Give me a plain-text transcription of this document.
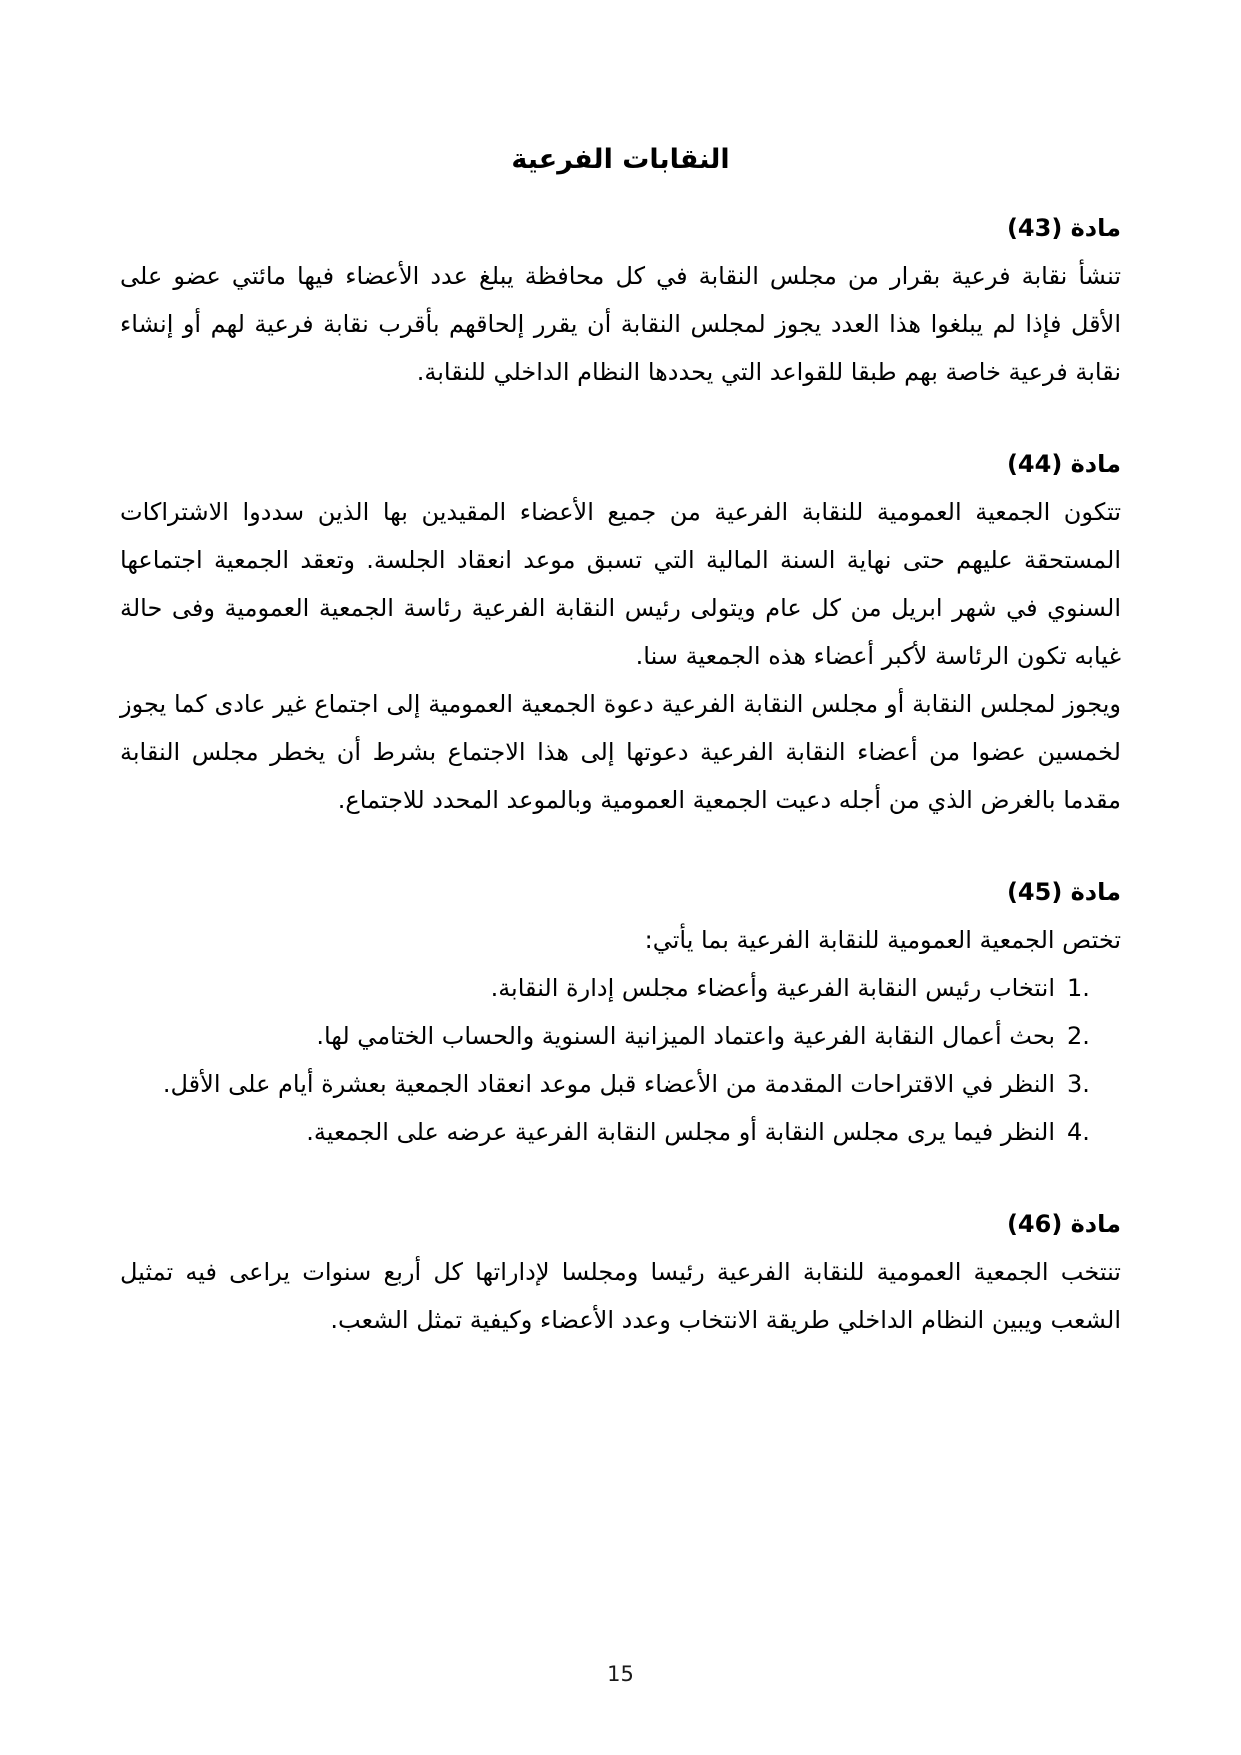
النقابات الفرعية
مادة (43)

تنشأ نقابة فرعية بقرار من مجلس النقابة في كل محافظة يبلغ عدد الأعضاء فيها مائتي عضو على الأقل فإذا لم يبلغوا هذا العدد يجوز لمجلس النقابة أن يقرر إلحاقهم بأقرب نقابة فرعية لهم أو إنشاء نقابة فرعية خاصة بهم طبقا للقواعد التي يحددها النظام الداخلي للنقابة.

مادة (44)

تتكون الجمعية العمومية للنقابة الفرعية من جميع الأعضاء المقيدين بها الذين سددوا الاشتراكات المستحقة عليهم حتى نهاية السنة المالية التي تسبق موعد انعقاد الجلسة. وتعقد الجمعية اجتماعها السنوي في شهر ابريل من كل عام ويتولى رئيس النقابة الفرعية رئاسة الجمعية العمومية وفى حالة غيابه تكون الرئاسة لأكبر أعضاء هذه الجمعية سنا.

ويجوز لمجلس النقابة أو مجلس النقابة الفرعية دعوة الجمعية العمومية إلى اجتماع غير عادى كما يجوز لخمسين عضوا من أعضاء النقابة الفرعية دعوتها إلى هذا الاجتماع بشرط أن يخطر مجلس النقابة مقدما بالغرض الذي من أجله دعيت الجمعية العمومية وبالموعد المحدد للاجتماع.

مادة (45)

تختص الجمعية العمومية للنقابة الفرعية بما يأتي:

1.
انتخاب رئيس النقابة الفرعية وأعضاء مجلس إدارة النقابة.
2.
بحث أعمال النقابة الفرعية واعتماد الميزانية السنوية والحساب الختامي لها.
3.
النظر في الاقتراحات المقدمة من الأعضاء قبل موعد انعقاد الجمعية بعشرة أيام على الأقل.
4.
النظر فيما يرى مجلس النقابة أو مجلس النقابة الفرعية عرضه على الجمعية.
مادة (46)

تنتخب الجمعية العمومية للنقابة الفرعية رئيسا ومجلسا لإداراتها كل أربع سنوات يراعى فيه تمثيل الشعب ويبين النظام الداخلي طريقة الانتخاب وعدد الأعضاء وكيفية تمثل الشعب.

15
